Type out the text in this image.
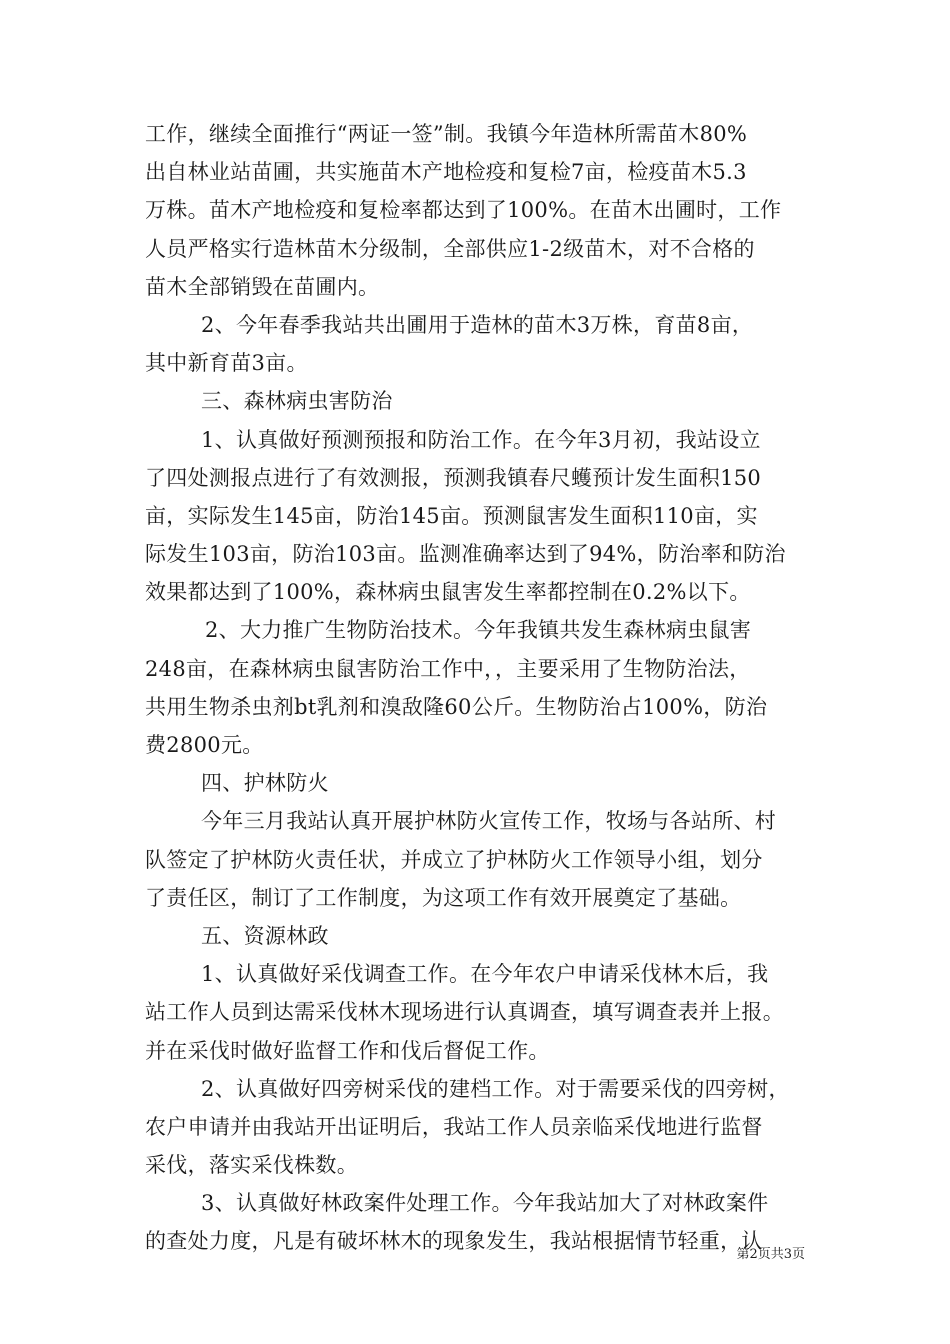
工作，继续全面推行“两证一签”制。我镇今年造林所需苗木80%
出自林业站苗圃，共实施苗木产地检疫和复检7亩，检疫苗木5.3
万株。苗木产地检疫和复检率都达到了100%。在苗木出圃时，工作
人员严格实行造林苗木分级制，全部供应1-2级苗木，对不合格的
苗木全部销毁在苗圃内。
2、今年春季我站共出圃用于造林的苗木3万株，育苗8亩，
其中新育苗3亩。
三、森林病虫害防治
1、认真做好预测预报和防治工作。在今年3月初，我站设立
了四处测报点进行了有效测报，预测我镇春尺蠖预计发生面积150
亩，实际发生145亩，防治145亩。预测鼠害发生面积110亩，实
际发生103亩，防治103亩。监测准确率达到了94%，防治率和防治
效果都达到了100%，森林病虫鼠害发生率都控制在0.2%以下。
2、大力推广生物防治技术。今年我镇共发生森林病虫鼠害
248亩，在森林病虫鼠害防治工作中，，主要采用了生物防治法，
共用生物杀虫剂bt乳剂和溴敌隆60公斤。生物防治占100%，防治
费2800元。
四、护林防火
今年三月我站认真开展护林防火宣传工作，牧场与各站所、村
队签定了护林防火责任状，并成立了护林防火工作领导小组，划分
了责任区，制订了工作制度，为这项工作有效开展奠定了基础。
五、资源林政
1、认真做好采伐调查工作。在今年农户申请采伐林木后，我
站工作人员到达需采伐林木现场进行认真调查，填写调查表并上报。
并在采伐时做好监督工作和伐后督促工作。
2、认真做好四旁树采伐的建档工作。对于需要采伐的四旁树，
农户申请并由我站开出证明后，我站工作人员亲临采伐地进行监督
采伐，落实采伐株数。
3、认真做好林政案件处理工作。今年我站加大了对林政案件
的查处力度，凡是有破坏林木的现象发生，我站根据情节轻重，认
第2页共3页
